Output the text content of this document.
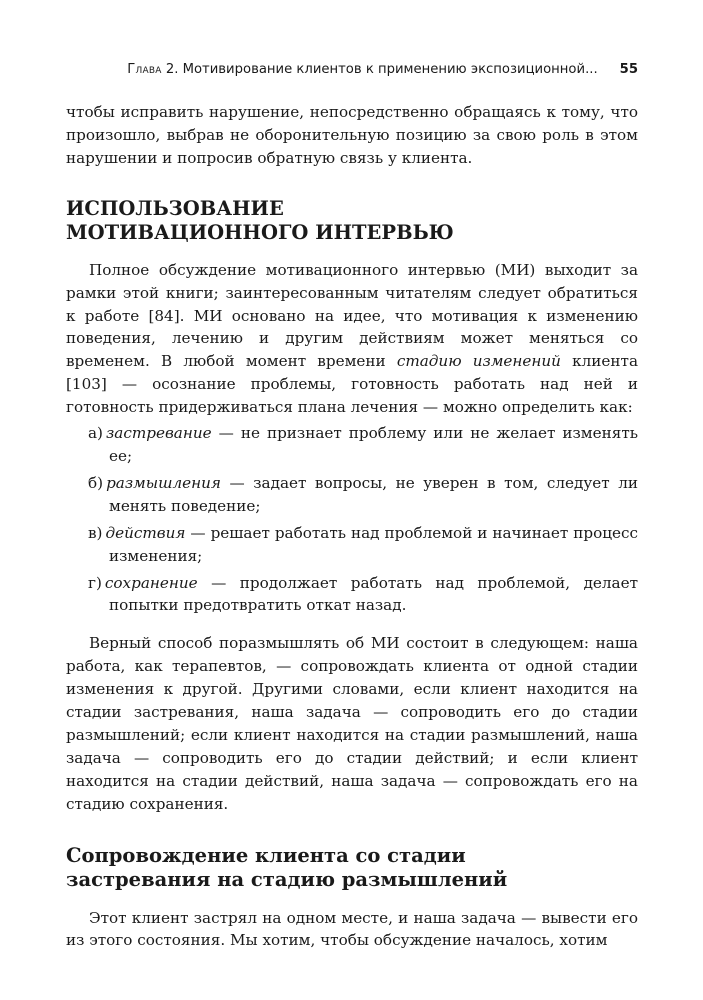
Глава 2. Мотивирование клиентов к применению экспозиционной... 55

чтобы исправить нарушение, непосредственно обращаясь к тому, что произошло, выбрав не оборонительную позицию за свою роль в этом нарушении и попросив обратную связь у клиента.

ИСПОЛЬЗОВАНИЕ
МОТИВАЦИОННОГО ИНТЕРВЬЮ

Полное обсуждение мотивационного интервью (МИ) выходит за рамки этой книги; заинтересованным читателям следует обратиться к работе [84]. МИ основано на идее, что мотивация к изменению поведения, лечению и другим действиям может меняться со временем. В любой момент времени стадию изменений клиента [103] — осознание проблемы, готовность работать над ней и готовность придерживаться плана лечения — можно определить как:

а) застревание — не признает проблему или не желает изменять ее;
б) размышления — задает вопросы, не уверен в том, следует ли менять поведение;
в) действия — решает работать над проблемой и начинает процесс изменения;
г) сохранение — продолжает работать над проблемой, делает попытки предотвратить откат назад.

Верный способ поразмышлять об МИ состоит в следующем: наша работа, как терапевтов, — сопровождать клиента от одной стадии изменения к другой. Другими словами, если клиент находится на стадии застревания, наша задача — сопроводить его до стадии размышлений; если клиент находится на стадии размышлений, наша задача — сопроводить его до стадии действий; и если клиент находится на стадии действий, наша задача — сопровождать его на стадию сохранения.

Сопровождение клиента со стадии
застревания на стадию размышлений

Этот клиент застрял на одном месте, и наша задача — вывести его из этого состояния. Мы хотим, чтобы обсуждение началось, хотим
